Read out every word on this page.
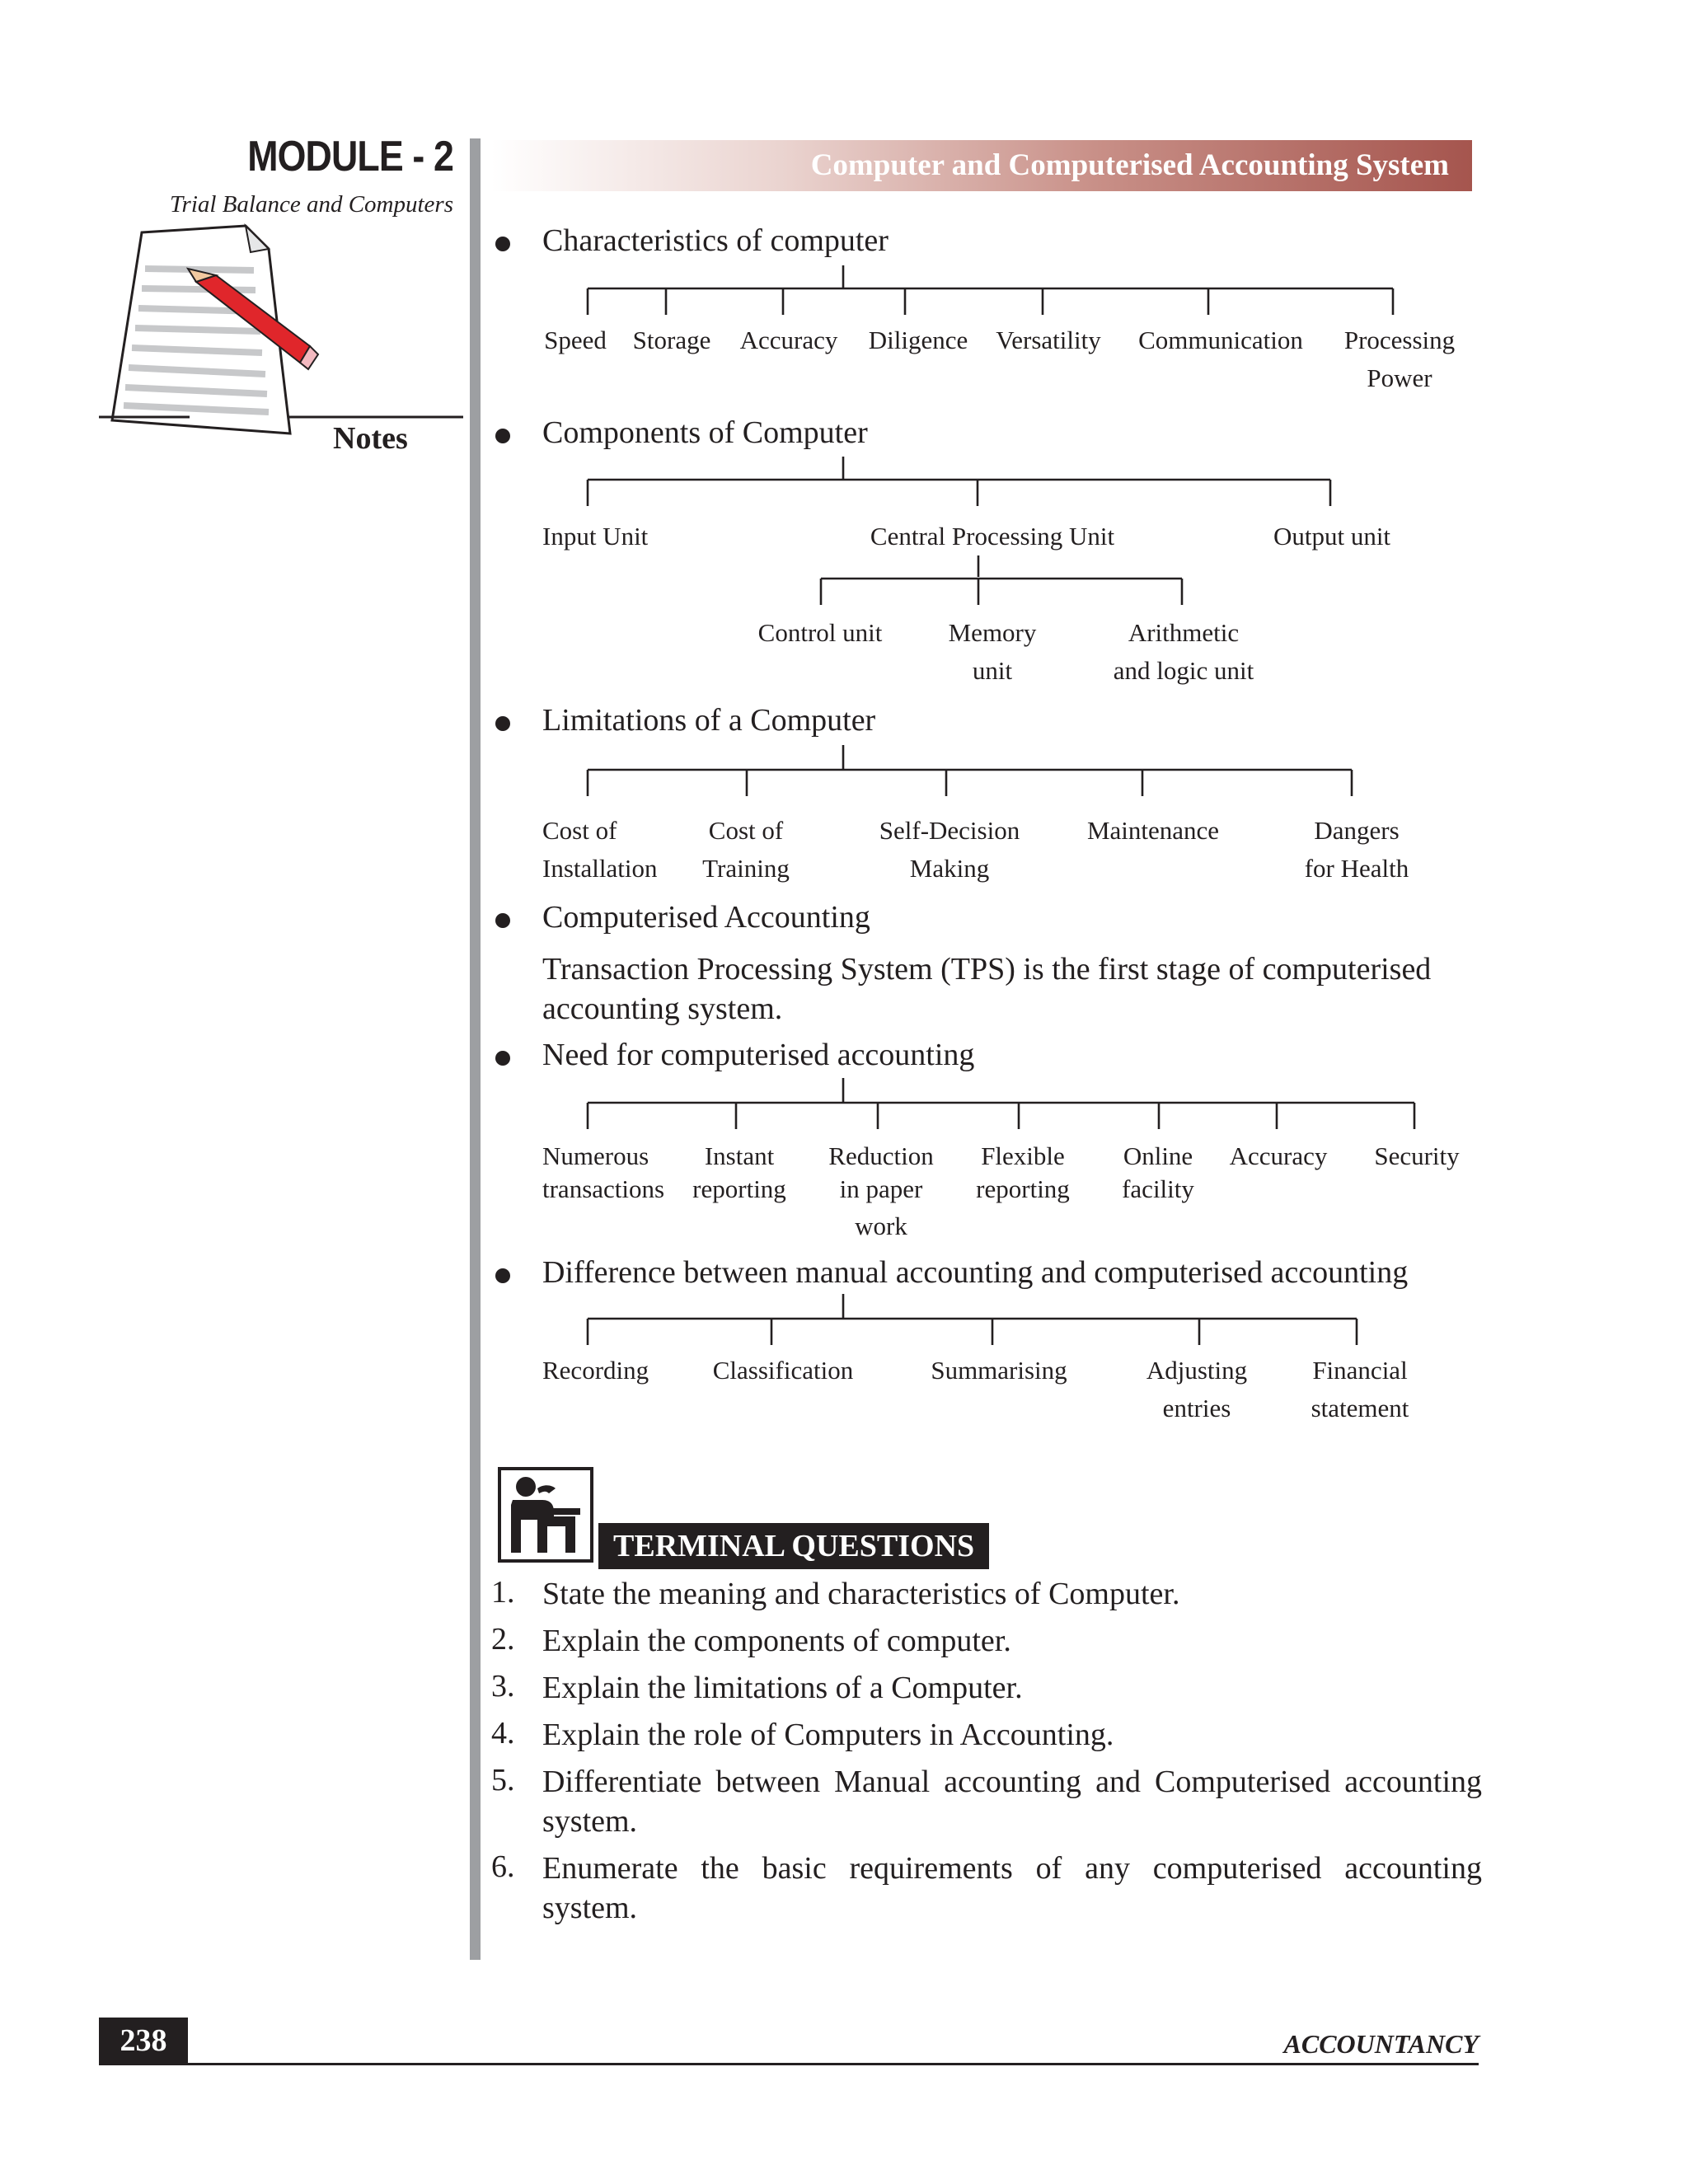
MODULE - 2
Trial Balance and Computers
Notes
Computer and Computerised Accounting System
Characteristics of computer
Speed Storage Accuracy Diligence Versatility Communication Processing
Power
Components of Computer
Input Unit	Central Processing Unit	Output unit
Control unit	Memory
unit
Arithmetic
and logic unit
Limitations of a Computer
Cost of
Installation
Cost of
Training
Self-Decision
Making
Maintenance	Dangers
for Health
Computerised Accounting
Transaction Processing System (TPS) is the first stage of computerised accounting system.
Need for computerised accounting
Numerous
transactions
Instant
reporting
Reduction
in paper
work
Flexible
reporting
Online
facility
Accuracy Security
Difference between manual accounting and computerised accounting
Recording	Classification	Summarising	Adjusting
entries
Financial
statement
TERMINAL QUESTIONS
1. State the meaning and characteristics of Computer.
2. Explain the components of computer.
3. Explain the limitations of a Computer.
4. Explain the role of Computers in Accounting.
5. Differentiate between Manual accounting and Computerised accounting
system.
6. Enumerate the basic requirements of any computerised accounting
system.
238	ACCOUNTANCY
